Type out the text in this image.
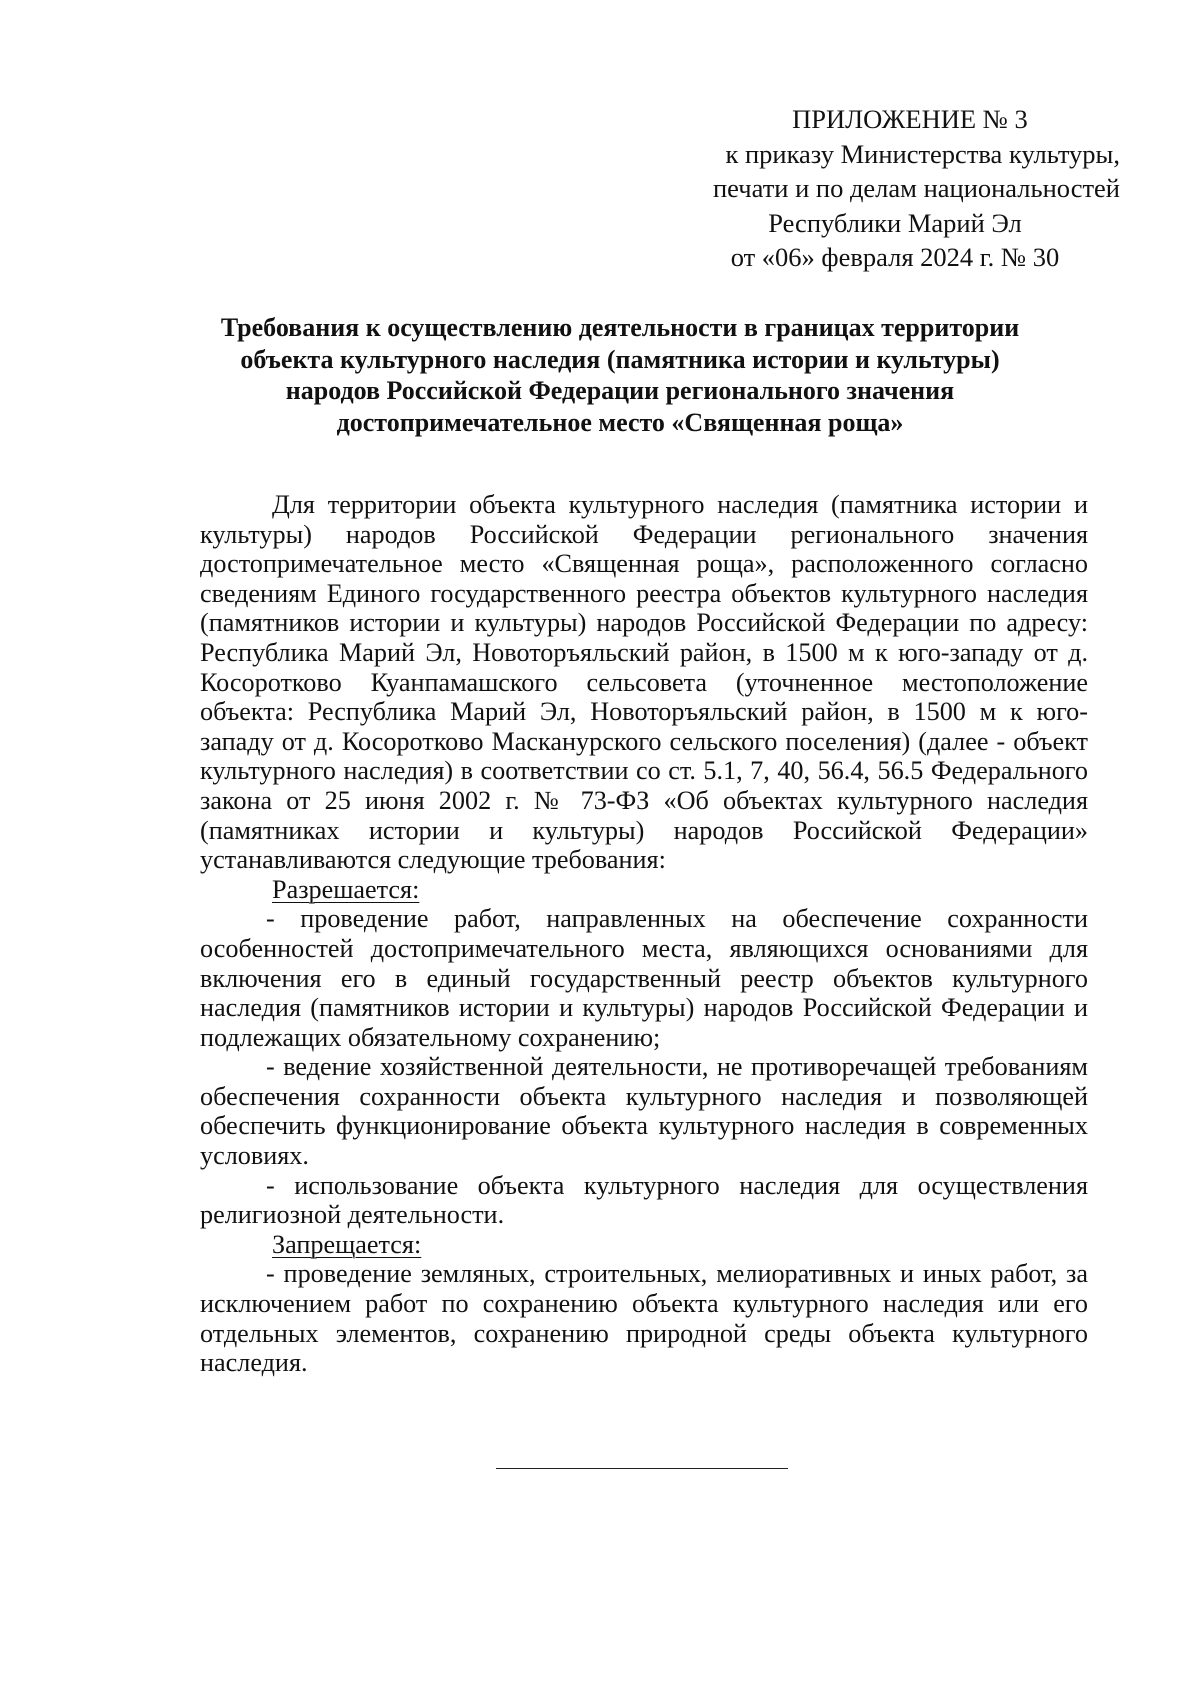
ПРИЛОЖЕНИЕ № 3
к приказу Министерства культуры,
печати и по делам национальностей
Республики Марий Эл
от «06» февраля 2024 г. № 30
Требования к осуществлению деятельности в границах территории
объекта культурного наследия (памятника истории и культуры)
народов Российской Федерации регионального значения
достопримечательное место «Священная роща»

Для территории объекта культурного наследия (памятника истории и культуры) народов Российской Федерации регионального значения достопримечательное место «Священная роща», расположенного согласно сведениям Единого государственного реестра объектов культурного наследия (памятников истории и культуры) народов Российской Федерации по адресу: Республика Марий Эл, Новоторъяльский район, в 1500 м к юго-западу от д. Косоротково Куанпамашского сельсовета (уточненное местоположение объекта: Республика Марий Эл, Новоторъяльский район, в 1500 м к юго-западу от д. Косоротково Масканурского сельского поселения) (далее - объект культурного наследия) в соответствии со ст. 5.1, 7, 40, 56.4, 56.5 Федерального закона от 25 июня 2002 г. № 73-ФЗ «Об объектах культурного наследия (памятниках истории и культуры) народов Российской Федерации» устанавливаются следующие требования:

Разрешается:

- проведение работ, направленных на обеспечение сохранности особенностей достопримечательного места, являющихся основаниями для включения его в единый государственный реестр объектов культурного наследия (памятников истории и культуры) народов Российской Федерации и подлежащих обязательному сохранению;

- ведение хозяйственной деятельности, не противоречащей требованиям обеспечения сохранности объекта культурного наследия и позволяющей обеспечить функционирование объекта культурного наследия в современных условиях.

- использование объекта культурного наследия для осуществления религиозной деятельности.

Запрещается:

- проведение земляных, строительных, мелиоративных и иных работ, за исключением работ по сохранению объекта культурного наследия или его отдельных элементов, сохранению природной среды объекта культурного наследия.
